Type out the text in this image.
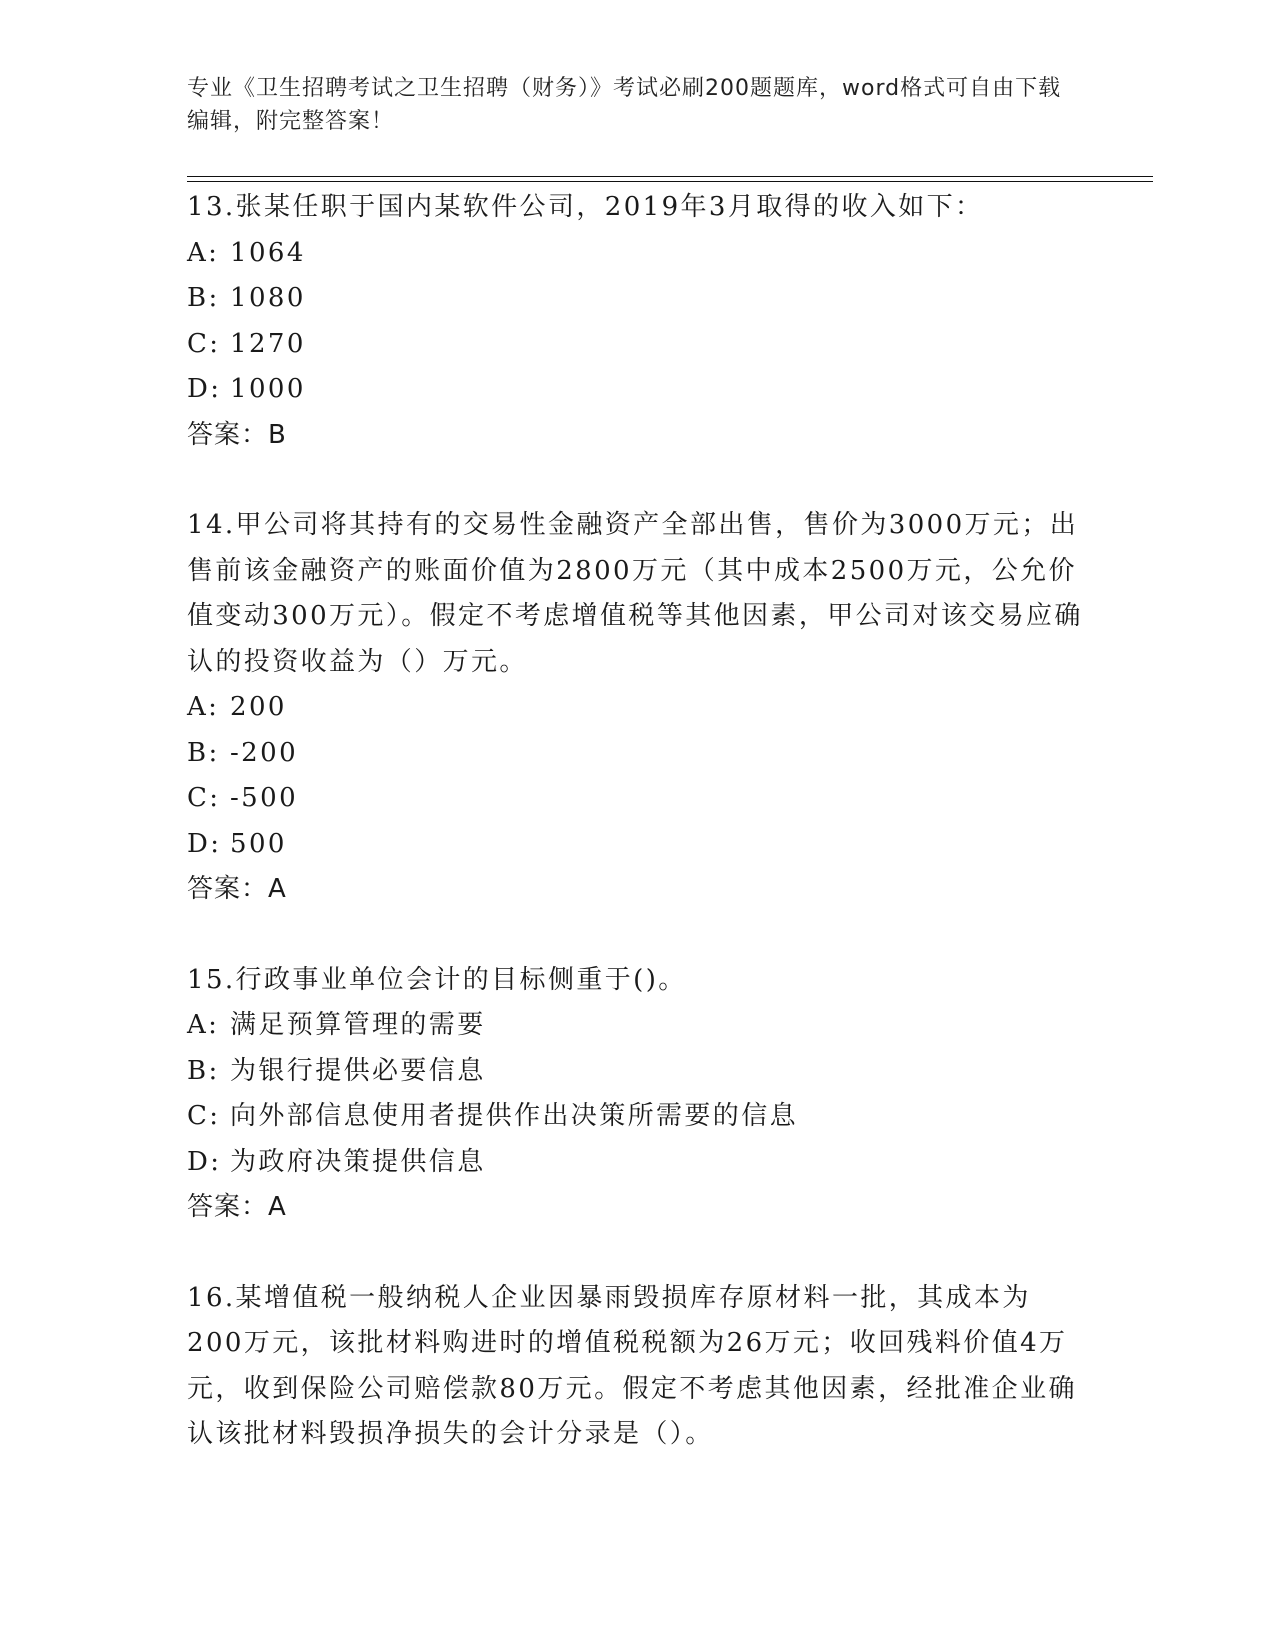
专业《卫生招聘考试之卫生招聘（财务）》考试必刷200题题库，word格式可自由下载编辑，附完整答案！

13.张某任职于国内某软件公司，2019年3月取得的收入如下：

A: 1064

B: 1080

C: 1270

D: 1000

答案：B

14.甲公司将其持有的交易性金融资产全部出售，售价为3000万元；出售前该金融资产的账面价值为2800万元（其中成本2500万元，公允价值变动300万元）。假定不考虑增值税等其他因素，甲公司对该交易应确认的投资收益为（）万元。

A: 200

B: -200

C: -500

D: 500

答案：A

15.行政事业单位会计的目标侧重于()。

A: 满足预算管理的需要

B: 为银行提供必要信息

C: 向外部信息使用者提供作出决策所需要的信息

D: 为政府决策提供信息

答案：A

16.某增值税一般纳税人企业因暴雨毁损库存原材料一批，其成本为200万元，该批材料购进时的增值税税额为26万元；收回残料价值4万元，收到保险公司赔偿款80万元。假定不考虑其他因素，经批准企业确认该批材料毁损净损失的会计分录是（）。
